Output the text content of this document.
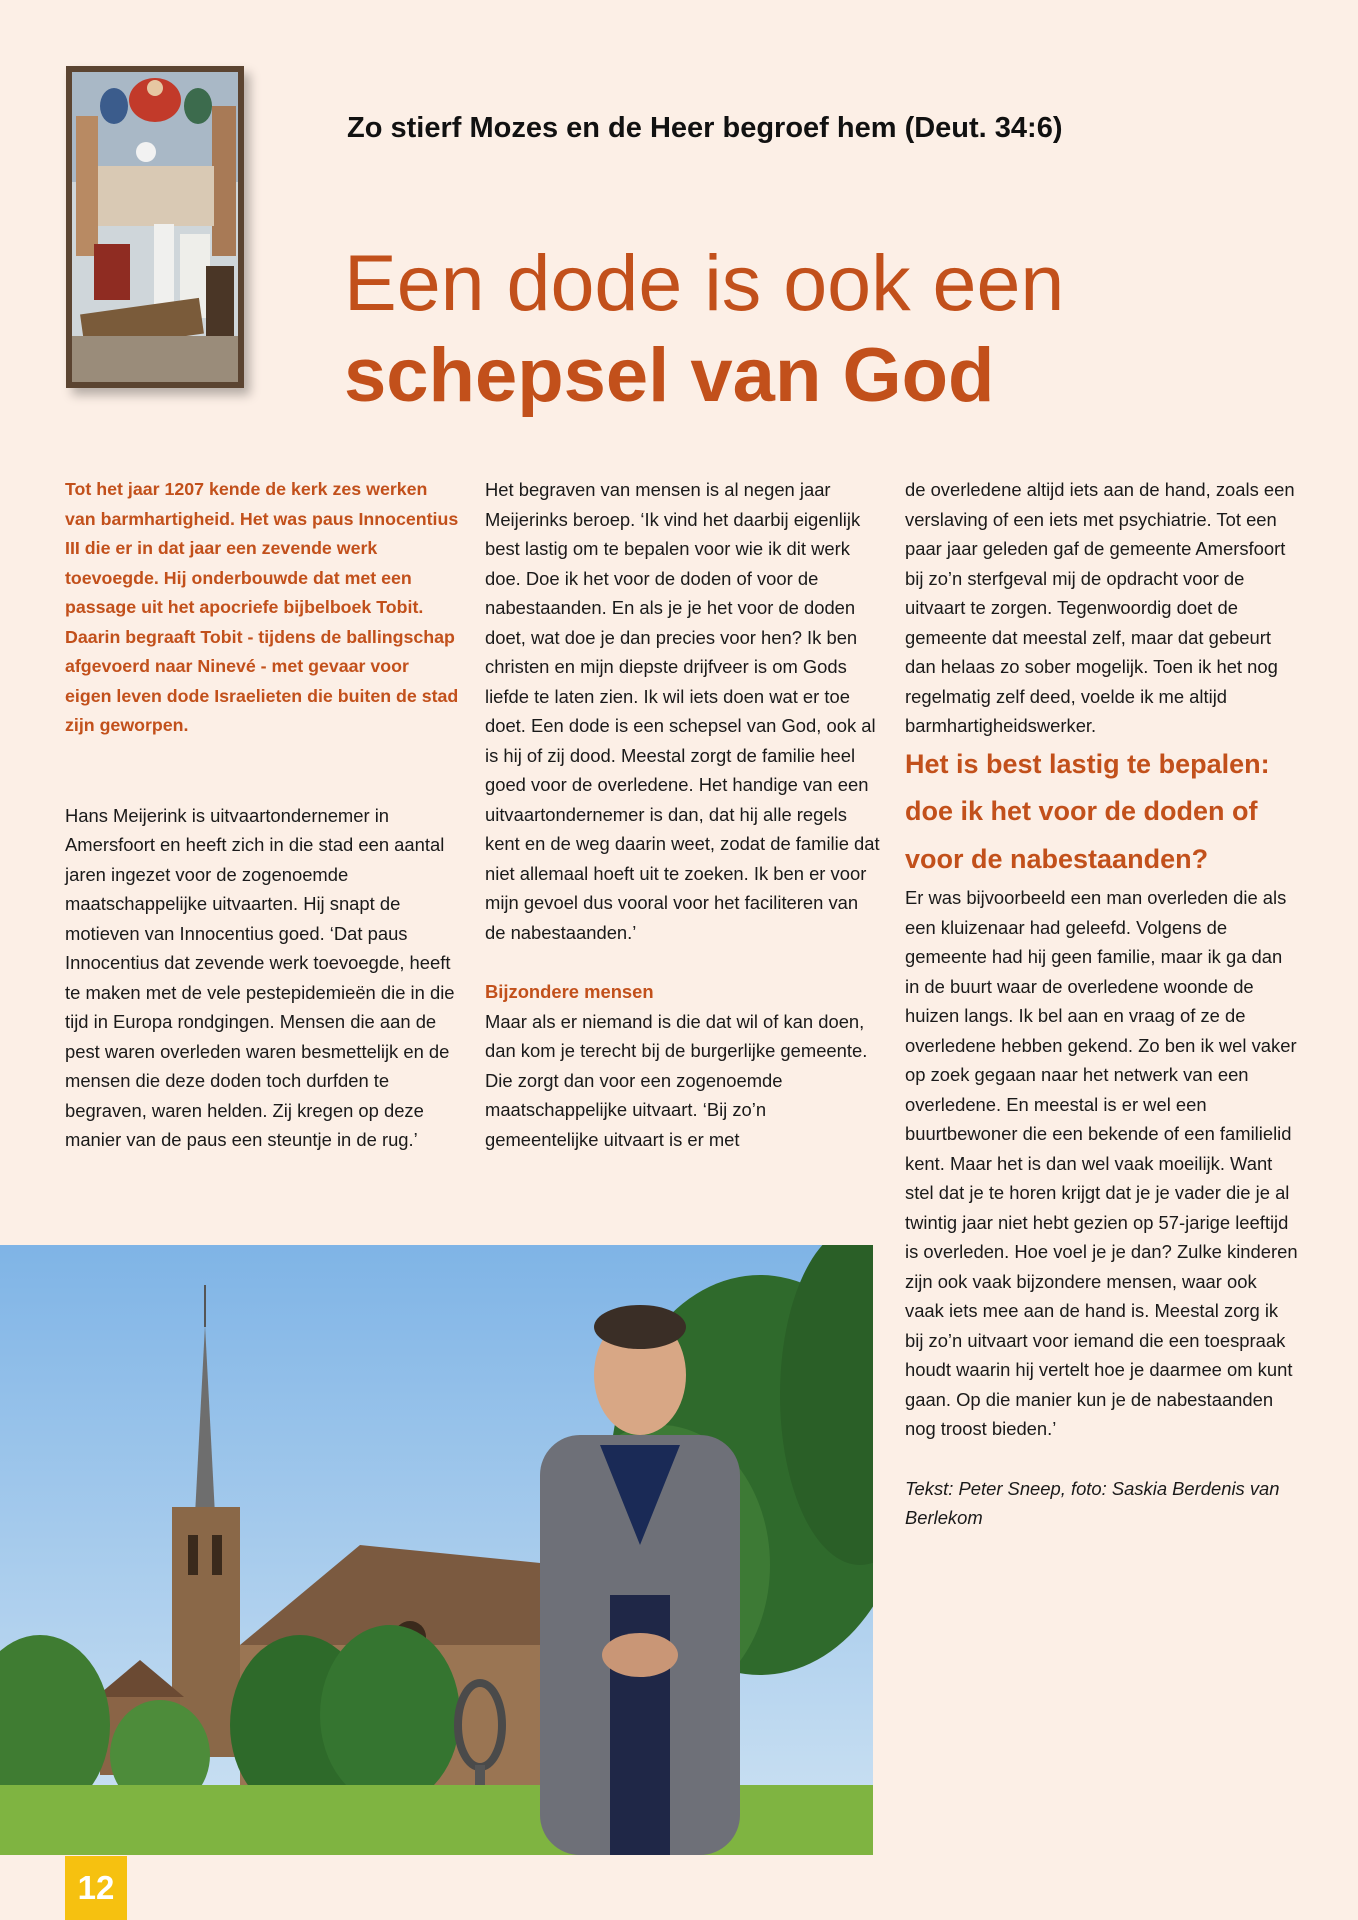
Zo stierf Mozes en de Heer begroef hem (Deut. 34:6)
Een dode is ook een
schepsel van God

Tot het jaar 1207 kende de kerk zes werken van barmhartigheid. Het was paus Innocentius III die er in dat jaar een zevende werk toevoegde. Hij onderbouwde dat met een passage uit het apocriefe bijbelboek Tobit. Daarin begraaft Tobit - tijdens de ballingschap afgevoerd naar Ninevé - met gevaar voor eigen leven dode Israelieten die buiten de stad zijn geworpen.

Hans Meijerink is uitvaartondernemer in Amersfoort en heeft zich in die stad een aantal jaren ingezet voor de zogenoemde maatschappelijke uitvaarten. Hij snapt de motieven van Innocentius goed. ‘Dat paus Innocentius dat zevende werk toevoegde, heeft te maken met de vele pestepidemieën die in die tijd in Europa rondgingen. Mensen die aan de pest waren overleden waren besmettelijk en de mensen die deze doden toch durfden te begraven, waren helden. Zij kregen op deze manier van de paus een steuntje in de rug.’

Het begraven van mensen is al negen jaar Meijerinks beroep. ‘Ik vind het daarbij eigenlijk best lastig om te bepalen voor wie ik dit werk doe. Doe ik het voor de doden of voor de nabestaanden. En als je je het voor de doden doet, wat doe je dan precies voor hen? Ik ben christen en mijn diepste drijfveer is om Gods liefde te laten zien. Ik wil iets doen wat er toe doet. Een dode is een schepsel van God, ook al is hij of zij dood. Meestal zorgt de familie heel goed voor de overledene. Het handige van een uitvaartondernemer is dan, dat hij alle regels kent en de weg daarin weet, zodat de familie dat niet allemaal hoeft uit te zoeken. Ik ben er voor mijn gevoel dus vooral voor het faciliteren van de nabestaanden.’

Bijzondere mensen

Maar als er niemand is die dat wil of kan doen, dan kom je terecht bij de burgerlijke gemeente. Die zorgt dan voor een zogenoemde maatschappelijke uitvaart. ‘Bij zo’n gemeentelijke uitvaart is er met

de overledene altijd iets aan de hand, zoals een verslaving of een iets met psychiatrie. Tot een paar jaar geleden gaf de gemeente Amersfoort bij zo’n sterfgeval mij de opdracht voor de uitvaart te zorgen. Tegenwoordig doet de gemeente dat meestal zelf, maar dat gebeurt dan helaas zo sober mogelijk. Toen ik het nog regelmatig zelf deed, voelde ik me altijd barmhartigheidswerker.

Het is best lastig te bepalen: doe ik het voor de doden of voor de nabestaanden?

Er was bijvoorbeeld een man overleden die als een kluizenaar had geleefd. Volgens de gemeente had hij geen familie, maar ik ga dan in de buurt waar de overledene woonde de huizen langs. Ik bel aan en vraag of ze de overledene hebben gekend. Zo ben ik wel vaker op zoek gegaan naar het netwerk van een overledene. En meestal is er wel een buurtbewoner die een bekende of een familielid kent. Maar het is dan wel vaak moeilijk. Want stel dat je te horen krijgt dat je je vader die je al twintig jaar niet hebt gezien op 57-jarige leeftijd is overleden. Hoe voel je je dan? Zulke kinderen zijn ook vaak bijzondere mensen, waar ook vaak iets mee aan de hand is. Meestal zorg ik bij zo’n uitvaart voor iemand die een toespraak houdt waarin hij vertelt hoe je daarmee om kunt gaan. Op die manier kun je de nabestaanden nog troost bieden.’

Tekst: Peter Sneep, foto: Saskia Berdenis van Berlekom

12
